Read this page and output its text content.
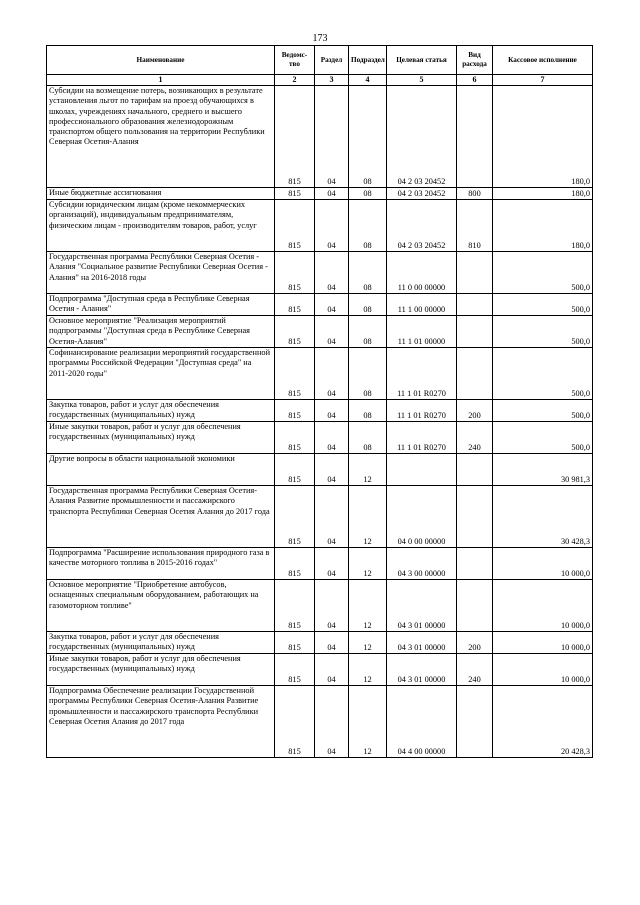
173
Наименование	Ведомс-тво	Раздел	Подраздел	Целевая статья	Вид расхода	Кассовое исполнение
1	2	3	4	5	6	7
Субсидии на возмещение потерь, возникающих в результате установления льгот по тарифам на проезд обучающихся в школах, учреждениях начального, среднего и высшего профессионального образования железнодорожным транспортом общего пользования на территории Республики Северная Осетия-Алания	815	04	08	04 2 03 20452		180,0
Иные бюджетные ассигнования	815	04	08	04 2 03 20452	800	180,0
Субсидии юридическим лицам (кроме некоммерческих организаций), индивидуальным предпринимателям, физическим лицам - производителям товаров, работ, услуг	815	04	08	04 2 03 20452	810	180,0
Государственная программа Республики Северная Осетия - Алания "Социальное развитие Республики Северная Осетия - Алания" на 2016-2018 годы	815	04	08	11 0 00 00000		500,0
Подпрограмма "Доступная среда в Республике Северная Осетия - Алания"	815	04	08	11 1 00 00000		500,0
Основное мероприятие "Реализация мероприятий подпрограммы "Доступная среда в Республике Северная Осетия-Алания"	815	04	08	11 1 01 00000		500,0
Софинансирование реализации мероприятий государственной программы Российской Федерации "Доступная среда" на 2011-2020 годы"	815	04	08	11 1 01 R0270		500,0
Закупка товаров, работ и услуг для обеспечения государственных (муниципальных) нужд	815	04	08	11 1 01 R0270	200	500,0
Иные закупки товаров, работ и услуг для обеспечения государственных (муниципальных) нужд	815	04	08	11 1 01 R0270	240	500,0
Другие вопросы в области национальной экономики	815	04	12			30 981,3
Государственная программа Республики Северная Осетия-Алания Развитие промышленности и пассажирского транспорта Республики Северная Осетия Алания до 2017 года	815	04	12	04 0 00 00000		30 428,3
Подпрограмма "Расширение использования природного газа в качестве моторного топлива в 2015-2016 годах"	815	04	12	04 3 00 00000		10 000,0
Основное мероприятие "Приобретение автобусов, оснащенных специальным оборудованием, работающих на газомоторном топливе"	815	04	12	04 3 01 00000		10 000,0
Закупка товаров, работ и услуг для обеспечения государственных (муниципальных) нужд	815	04	12	04 3 01 00000	200	10 000,0
Иные закупки товаров, работ и услуг для обеспечения государственных (муниципальных) нужд	815	04	12	04 3 01 00000	240	10 000,0
Подпрограмма Обеспечение реализации Государственной программы Республики Северная Осетия-Алания Развитие промышленности и пассажирского транспорта Республики Северная Осетия Алания до 2017 года	815	04	12	04 4 00 00000		20 428,3
